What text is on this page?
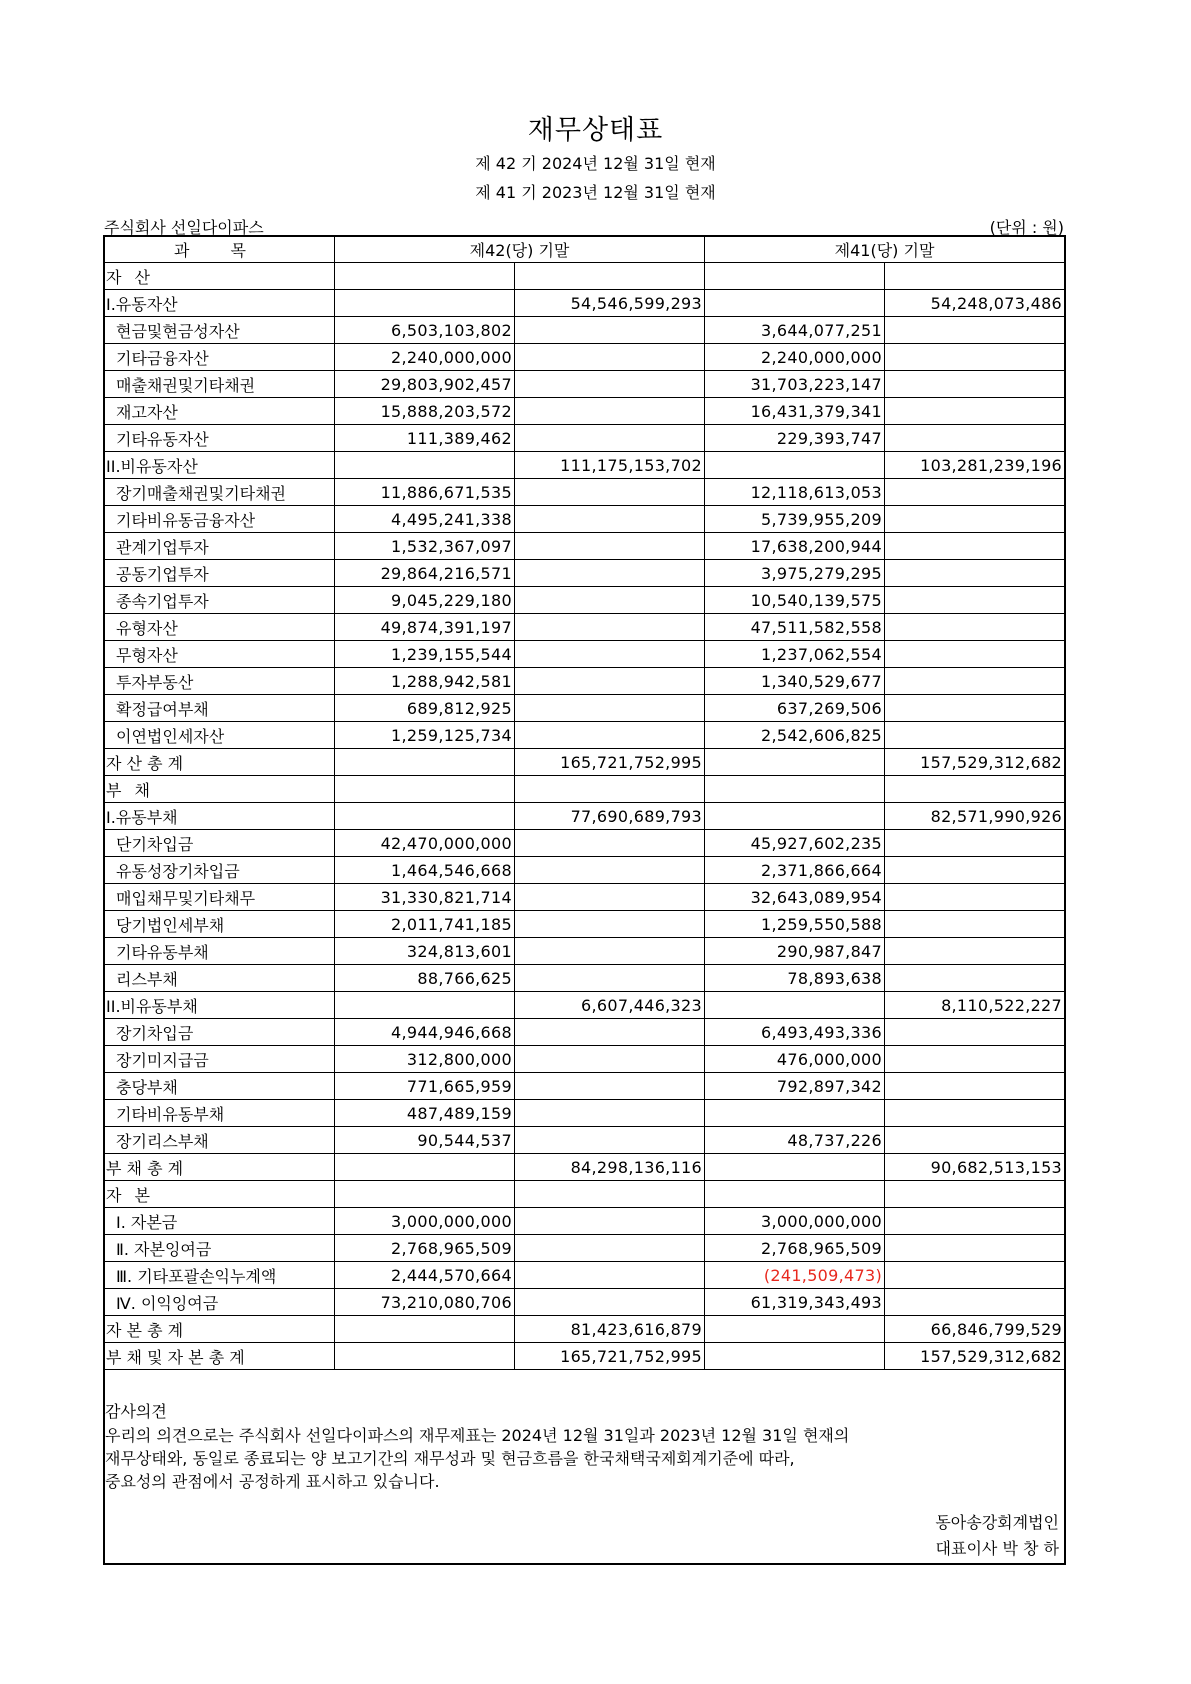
재무상태표
제 42 기 2024년 12월 31일 현재
제 41 기 2023년 12월 31일 현재
주식회사 선일다이파스	(단위 : 원)
과 목	제42(당) 기말		제41(당) 기말	
자 산				
I.유동자산		54,546,599,293		54,248,073,486
현금및현금성자산	6,503,103,802		3,644,077,251	
기타금융자산	2,240,000,000		2,240,000,000	
매출채권및기타채권	29,803,902,457		31,703,223,147	
재고자산	15,888,203,572		16,431,379,341	
기타유동자산	111,389,462		229,393,747	
II.비유동자산		111,175,153,702		103,281,239,196
장기매출채권및기타채권	11,886,671,535		12,118,613,053	
기타비유동금융자산	4,495,241,338		5,739,955,209	
관계기업투자	1,532,367,097		17,638,200,944	
공동기업투자	29,864,216,571		3,975,279,295	
종속기업투자	9,045,229,180		10,540,139,575	
유형자산	49,874,391,197		47,511,582,558	
무형자산	1,239,155,544		1,237,062,554	
투자부동산	1,288,942,581		1,340,529,677	
확정급여부채	689,812,925		637,269,506	
이연법인세자산	1,259,125,734		2,542,606,825	
자 산 총 계		165,721,752,995		157,529,312,682
부 채				
I.유동부채		77,690,689,793		82,571,990,926
단기차입금	42,470,000,000		45,927,602,235	
유동성장기차입금	1,464,546,668		2,371,866,664	
매입채무및기타채무	31,330,821,714		32,643,089,954	
당기법인세부채	2,011,741,185		1,259,550,588	
기타유동부채	324,813,601		290,987,847	
리스부채	88,766,625		78,893,638	
II.비유동부채		6,607,446,323		8,110,522,227
장기차입금	4,944,946,668		6,493,493,336	
장기미지급금	312,800,000		476,000,000	
충당부채	771,665,959		792,897,342	
기타비유동부채	487,489,159			
장기리스부채	90,544,537		48,737,226	
부 채 총 계		84,298,136,116		90,682,513,153
자 본				
Ⅰ. 자본금	3,000,000,000		3,000,000,000	
Ⅱ. 자본잉여금	2,768,965,509		2,768,965,509	
Ⅲ. 기타포괄손익누계액	2,444,570,664		(241,509,473)	
Ⅳ. 이익잉여금	73,210,080,706		61,319,343,493	
자 본 총 계		81,423,616,879		66,846,799,529
부 채 및 자 본 총 계		165,721,752,995		157,529,312,682
감사의견
우리의 의견으로는 주식회사 선일다이파스의 재무제표는 2024년 12월 31일과 2023년 12월 31일 현재의
재무상태와, 동일로 종료되는 양 보고기간의 재무성과 및 현금흐름을 한국채택국제회계기준에 따라,
중요성의 관점에서 공정하게 표시하고 있습니다.
동아송강회계법인
대표이사 박 창 하
